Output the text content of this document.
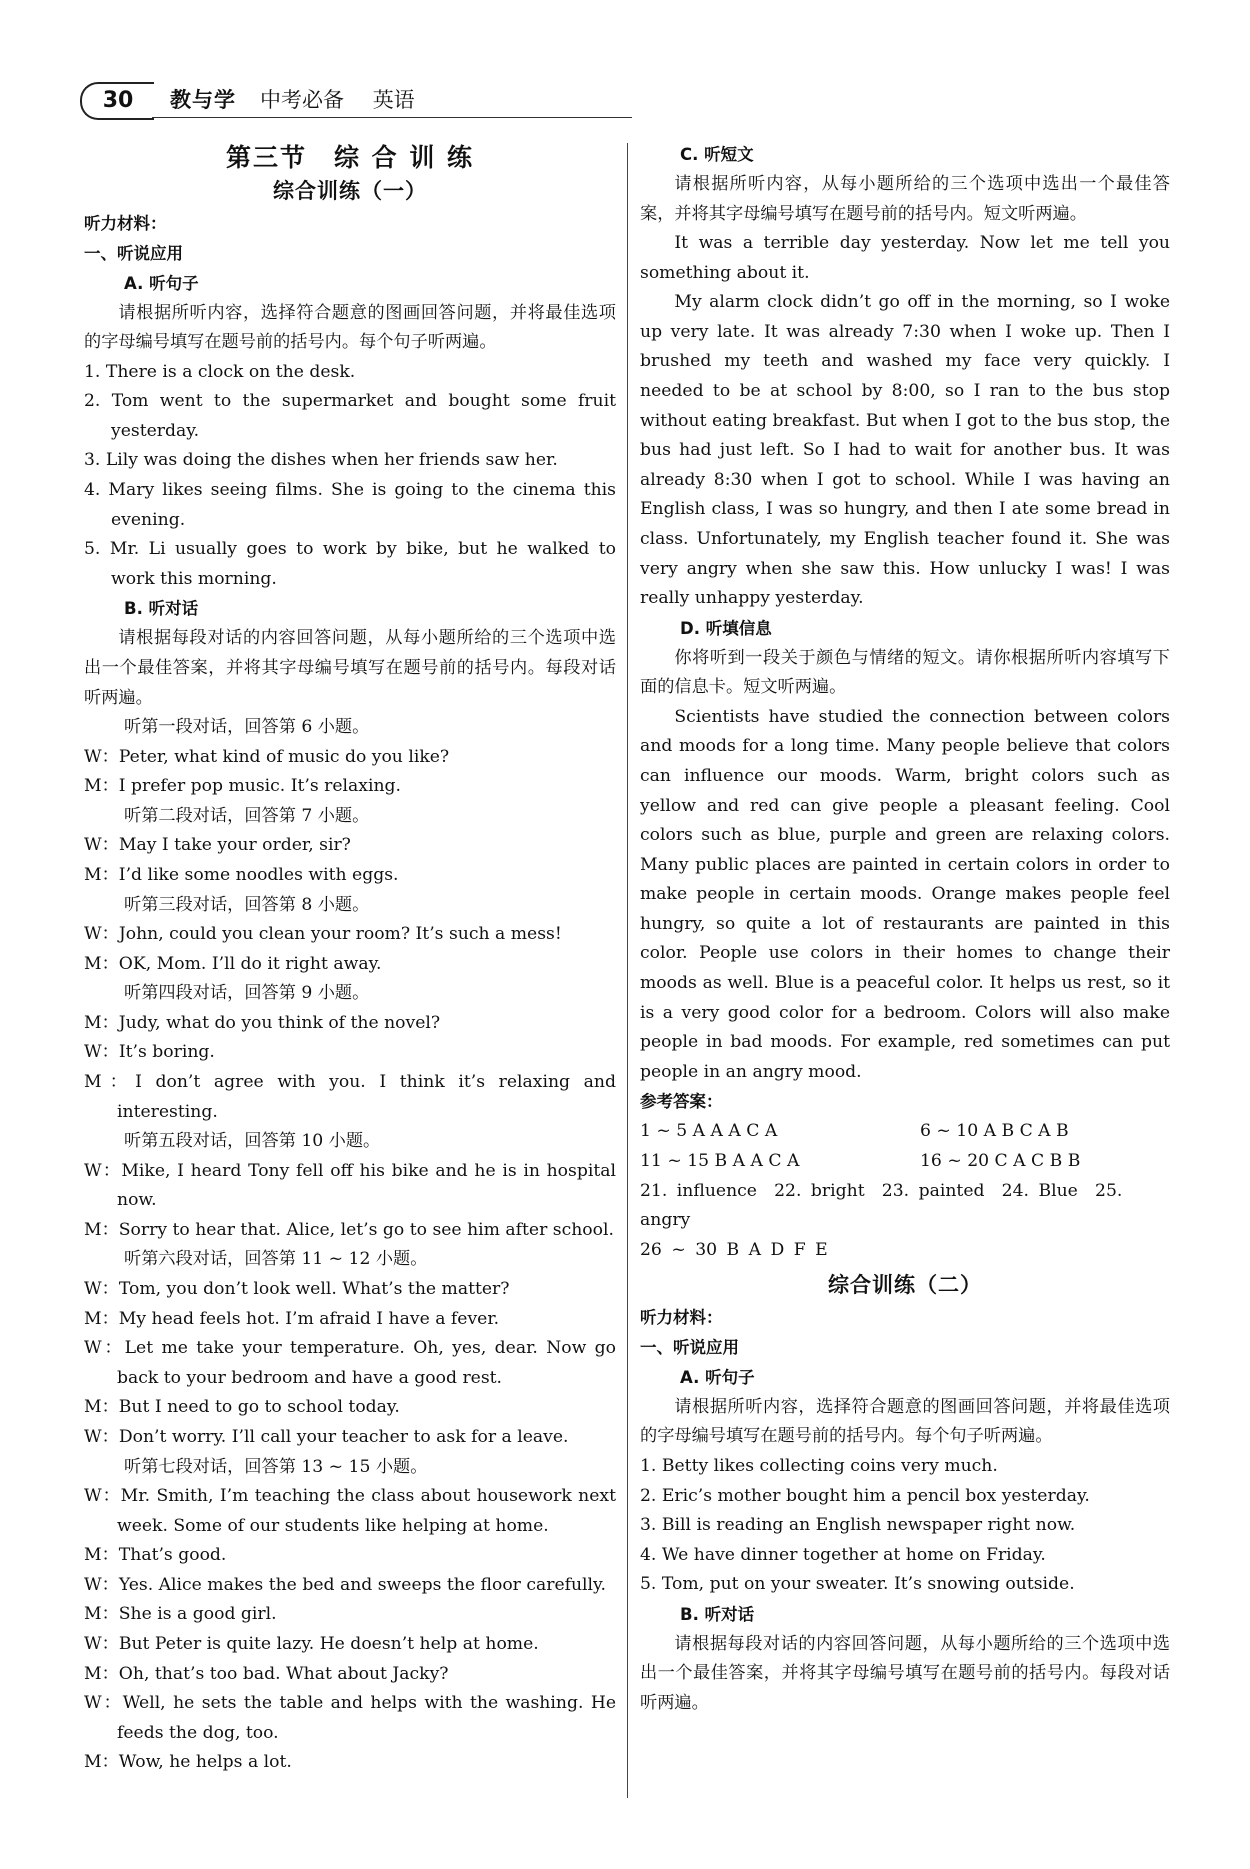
30	教与学 中考必备 英语
第三节　综 合 训 练
综合训练（一）
听力材料：
一、听说应用
A. 听句子

请根据所听内容，选择符合题意的图画回答问题，并将最佳选项的字母编号填写在题号前的括号内。每个句子听两遍。

1. There is a clock on the desk.

2. Tom went to the supermarket and bought some fruit yesterday.

3. Lily was doing the dishes when her friends saw her.

4. Mary likes seeing films. She is going to the cinema this evening.

5. Mr. Li usually goes to work by bike, but he walked to work this morning.

B. 听对话

请根据每段对话的内容回答问题，从每小题所给的三个选项中选出一个最佳答案，并将其字母编号填写在题号前的括号内。每段对话听两遍。

听第一段对话，回答第 6 小题。

W：Peter, what kind of music do you like?

M：I prefer pop music. It’s relaxing.

听第二段对话，回答第 7 小题。

W：May I take your order, sir?

M：I’d like some noodles with eggs.

听第三段对话，回答第 8 小题。

W：John, could you clean your room? It’s such a mess!

M：OK, Mom. I’ll do it right away.

听第四段对话，回答第 9 小题。

M：Judy, what do you think of the novel?

W：It’s boring.

M：I don’t agree with you. I think it’s relaxing and interesting.

听第五段对话，回答第 10 小题。

W：Mike, I heard Tony fell off his bike and he is in hospital now.

M：Sorry to hear that. Alice, let’s go to see him after school.

听第六段对话，回答第 11 ~ 12 小题。

W：Tom, you don’t look well. What’s the matter?

M：My head feels hot. I’m afraid I have a fever.

W：Let me take your temperature. Oh, yes, dear. Now go back to your bedroom and have a good rest.

M：But I need to go to school today.

W：Don’t worry. I’ll call your teacher to ask for a leave.

听第七段对话，回答第 13 ~ 15 小题。

W：Mr. Smith, I’m teaching the class about housework next week. Some of our students like helping at home.

M：That’s good.

W：Yes. Alice makes the bed and sweeps the floor carefully.

M：She is a good girl.

W：But Peter is quite lazy. He doesn’t help at home.

M：Oh, that’s too bad. What about Jacky?

W：Well, he sets the table and helps with the washing. He feeds the dog, too.

M：Wow, he helps a lot.

C. 听短文

请根据所听内容，从每小题所给的三个选项中选出一个最佳答案，并将其字母编号填写在题号前的括号内。短文听两遍。

It was a terrible day yesterday. Now let me tell you something about it.

My alarm clock didn’t go off in the morning, so I woke up very late. It was already 7:30 when I woke up. Then I brushed my teeth and washed my face very quickly. I needed to be at school by 8:00, so I ran to the bus stop without eating breakfast. But when I got to the bus stop, the bus had just left. So I had to wait for another bus. It was already 8:30 when I got to school. While I was having an English class, I was so hungry, and then I ate some bread in class. Unfortunately, my English teacher found it. She was very angry when she saw this. How unlucky I was! I was really unhappy yesterday.

D. 听填信息

你将听到一段关于颜色与情绪的短文。请你根据所听内容填写下面的信息卡。短文听两遍。

Scientists have studied the connection between colors and moods for a long time. Many people believe that colors can influence our moods. Warm, bright colors such as yellow and red can give people a pleasant feeling. Cool colors such as blue, purple and green are relaxing colors. Many public places are painted in certain colors in order to make people in certain moods. Orange makes people feel hungry, so quite a lot of restaurants are painted in this color. People use colors in their homes to change their moods as well. Blue is a peaceful color. It helps us rest, so it is a very good color for a bedroom. Colors will also make people in bad moods. For example, red sometimes can put people in an angry mood.

参考答案：
1 ~ 5 A A A C A	6 ~ 10 A B C A B
11 ~ 15 B A A C A	16 ~ 20 C A C B B

21. influence　22. bright　23. painted　24. Blue　25. angry

26 ~ 30 B A D F E

综合训练（二）
听力材料：
一、听说应用
A. 听句子

请根据所听内容，选择符合题意的图画回答问题，并将最佳选项的字母编号填写在题号前的括号内。每个句子听两遍。

1. Betty likes collecting coins very much.

2. Eric’s mother bought him a pencil box yesterday.

3. Bill is reading an English newspaper right now.

4. We have dinner together at home on Friday.

5. Tom, put on your sweater. It’s snowing outside.

B. 听对话

请根据每段对话的内容回答问题，从每小题所给的三个选项中选出一个最佳答案，并将其字母编号填写在题号前的括号内。每段对话听两遍。
